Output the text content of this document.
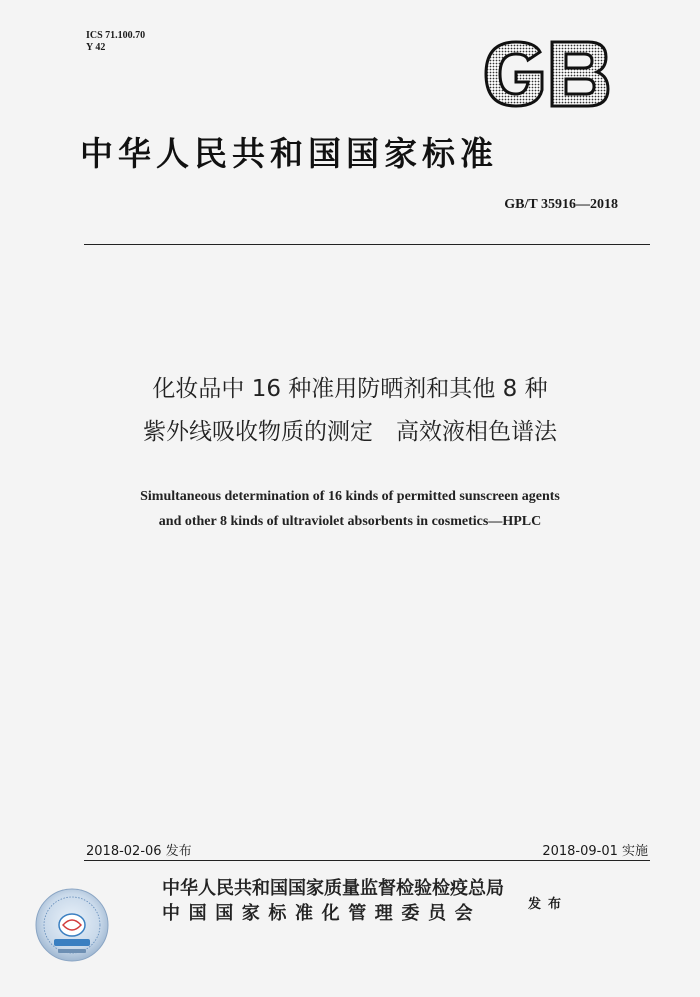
ICS 71.100.70
Y 42
中华人民共和国国家标准
GB/T 35916—2018
化妆品中 16 种准用防晒剂和其他 8 种
紫外线吸收物质的测定　高效液相色谱法
Simultaneous determination of 16 kinds of permitted sunscreen agents
and other 8 kinds of ultraviolet absorbents in cosmetics—HPLC
2018-02-06 发布	2018-09-01 实施
中华人民共和国国家质量监督检验检疫总局
中国国家标准化管理委员会	发布
